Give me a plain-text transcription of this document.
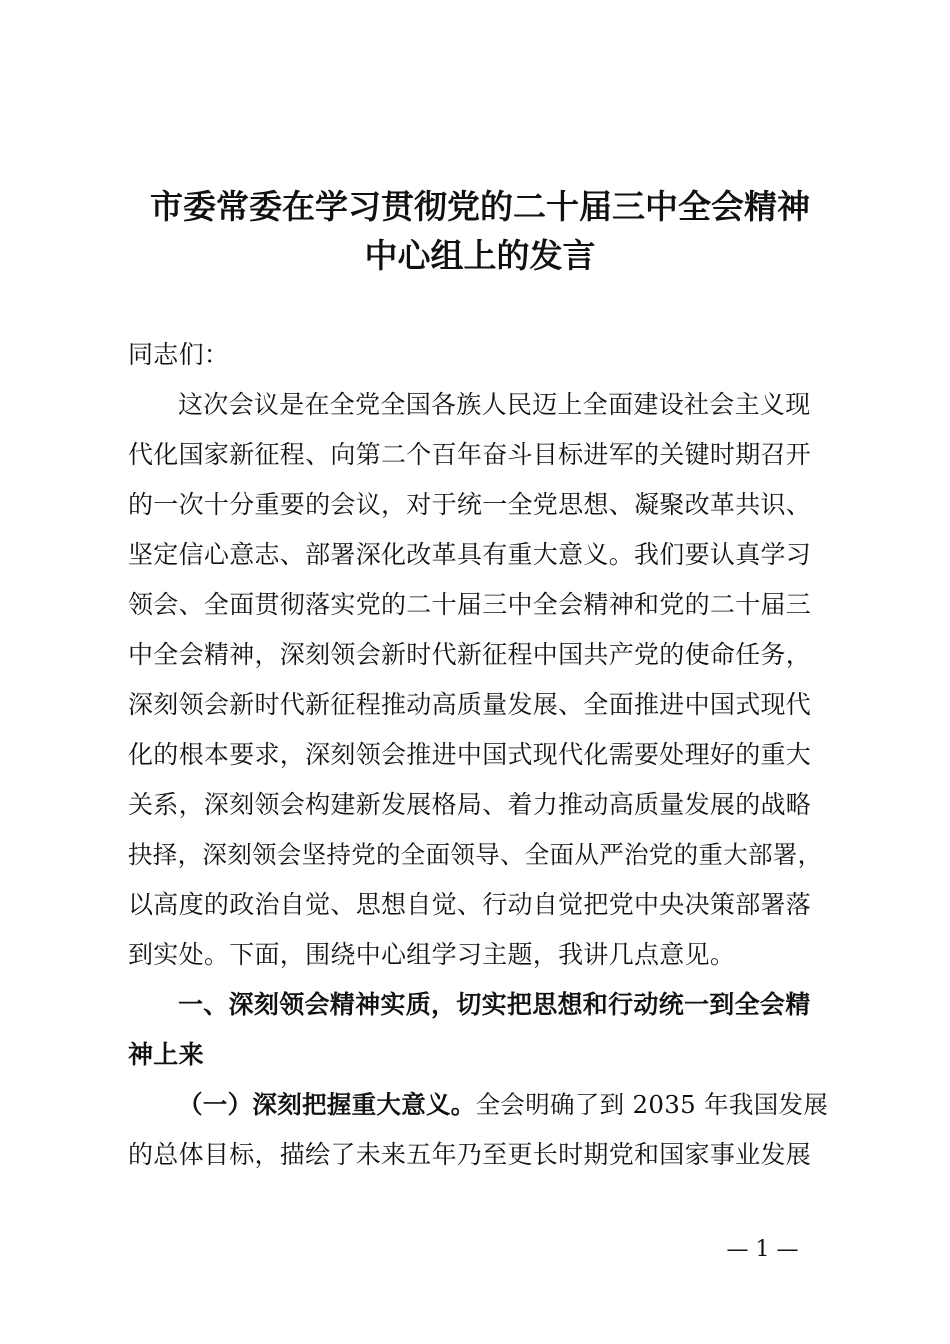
市委常委在学习贯彻党的二十届三中全会精神
中心组上的发言
同志们：
这次会议是在全党全国各族人民迈上全面建设社会主义现
代化国家新征程、向第二个百年奋斗目标进军的关键时期召开
的一次十分重要的会议，对于统一全党思想、凝聚改革共识、
坚定信心意志、部署深化改革具有重大意义。我们要认真学习
领会、全面贯彻落实党的二十届三中全会精神和党的二十届三
中全会精神，深刻领会新时代新征程中国共产党的使命任务，
深刻领会新时代新征程推动高质量发展、全面推进中国式现代
化的根本要求，深刻领会推进中国式现代化需要处理好的重大
关系，深刻领会构建新发展格局、着力推动高质量发展的战略
抉择，深刻领会坚持党的全面领导、全面从严治党的重大部署，
以高度的政治自觉、思想自觉、行动自觉把党中央决策部署落
到实处。下面，围绕中心组学习主题，我讲几点意见。
一、深刻领会精神实质，切实把思想和行动统一到全会精
神上来
（一）深刻把握重大意义。全会明确了到 2035 年我国发展
的总体目标，描绘了未来五年乃至更长时期党和国家事业发展
— 1 —
